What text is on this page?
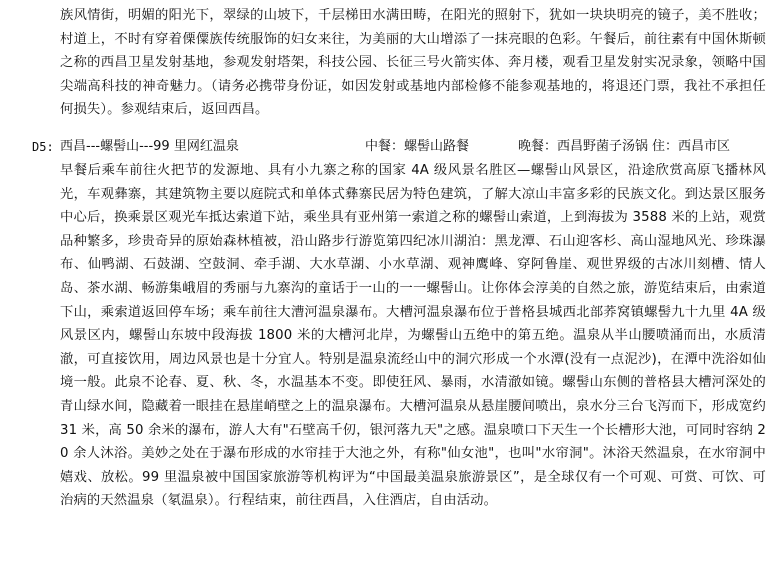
族风情街，明媚的阳光下，翠绿的山坡下，千层梯田水满田畴，在阳光的照射下，犹如一块块明亮的镜子，美不胜收；村道上，不时有穿着傈僳族传统服饰的妇女来往，为美丽的大山增添了一抹亮眼的色彩。午餐后，前往素有中国休斯顿之称的西昌卫星发射基地，参观发射塔架，科技公园、长征三号火箭实体、奔月楼，观看卫星发射实况录象，领略中国尖端高科技的神奇魅力。（请务必携带身份证，如因发射或基地内部检修不能参观基地的，将退还门票，我社不承担任何损失）。参观结束后，返回西昌。

D5: 西昌---螺髻山---99 里网红温泉	中餐：螺髻山路餐	晚餐：西昌野菌子汤锅 住：西昌市区

早餐后乘车前往火把节的发源地、具有小九寨之称的国家 4A 级风景名胜区—螺髻山风景区，沿途欣赏高原飞播林风光，车观彝寨，其建筑物主要以庭院式和单体式彝寨民居为特色建筑，了解大凉山丰富多彩的民族文化。到达景区服务中心后，换乘景区观光车抵达索道下站，乘坐具有亚州第一索道之称的螺髻山索道，上到海拔为 3588 米的上站，观赏品种繁多，珍贵奇异的原始森林植被，沿山路步行游览第四纪冰川湖泊：黑龙潭、石山迎客杉、高山湿地风光、珍珠瀑布、仙鸭湖、石鼓湖、空鼓洞、牵手湖、大水草湖、小水草湖、观神鹰峰、穿阿鲁崖、观世界级的古冰川刻槽、情人岛、茶水湖、畅游集峨眉的秀丽与九寨沟的童话于一山的一一螺髻山。让你体会淳美的自然之旅，游览结束后，由索道下山，乘索道返回停车场；乘车前往大漕河温泉瀑布。大槽河温泉瀑布位于普格县城西北部荞窝镇螺髻九十九里 4A 级风景区内，螺髻山东坡中段海拔 1800 米的大槽河北岸，为螺髻山五绝中的第五绝。温泉从半山腰喷涌而出，水质清澈，可直接饮用，周边风景也是十分宜人。特别是温泉流经山中的洞穴形成一个水潭(没有一点泥沙)，在潭中洗浴如仙境一般。此泉不论春、夏、秋、冬，水温基本不变。即使狂风、暴雨，水清澈如镜。螺髻山东侧的普格县大槽河深处的青山绿水间，隐藏着一眼挂在悬崖峭壁之上的温泉瀑布。大槽河温泉从悬崖腰间喷出，泉水分三台飞泻而下，形成宽约 31 米，高 50 余米的瀑布，游人大有"石壁高千仞，银河落九天"之感。温泉喷口下天生一个长槽形大池，可同时容纳 20 余人沐浴。美妙之处在于瀑布形成的水帘挂于大池之外，有称"仙女池"，也叫"水帘洞"。沐浴天然温泉，在水帘洞中嬉戏、放松。99 里温泉被中国国家旅游等机构评为“中国最美温泉旅游景区”，是全球仅有一个可观、可赏、可饮、可治病的天然温泉（氡温泉）。行程结束，前往西昌，入住酒店，自由活动。
